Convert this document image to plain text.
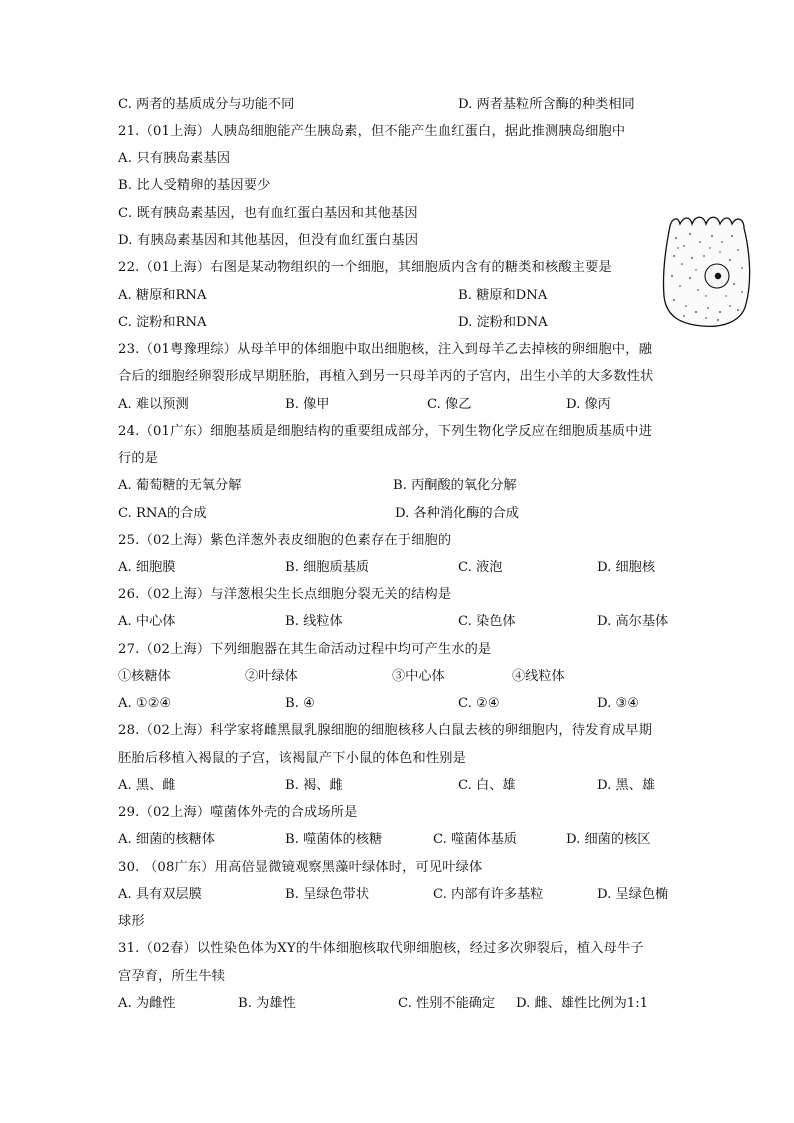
C. 两者的基质成分与功能不同	D. 两者基粒所含酶的种类相同
21.（01上海）人胰岛细胞能产生胰岛素，但不能产生血红蛋白，据此推测胰岛细胞中
A. 只有胰岛素基因
B. 比人受精卵的基因要少
C. 既有胰岛素基因，也有血红蛋白基因和其他基因
D. 有胰岛素基因和其他基因，但没有血红蛋白基因
22.（01上海）右图是某动物组织的一个细胞，其细胞质内含有的糖类和核酸主要是
A. 糖原和RNA	B. 糖原和DNA
C. 淀粉和RNA	D. 淀粉和DNA
23.（01粤豫理综）从母羊甲的体细胞中取出细胞核，注入到母羊乙去掉核的卵细胞中，融
合后的细胞经卵裂形成早期胚胎，再植入到另一只母羊丙的子宫内，出生小羊的大多数性状
A. 难以预测	B. 像甲	C. 像乙	D. 像丙
24.（01广东）细胞基质是细胞结构的重要组成部分，下列生物化学反应在细胞质基质中进
行的是
A. 葡萄糖的无氧分解	B. 丙酮酸的氧化分解
C. RNA的合成	D. 各种消化酶的合成
25.（02上海）紫色洋葱外表皮细胞的色素存在于细胞的
A. 细胞膜	B. 细胞质基质	C. 液泡	D. 细胞核
26.（02上海）与洋葱根尖生长点细胞分裂无关的结构是
A. 中心体	B. 线粒体	C. 染色体	D. 高尔基体
27.（02上海）下列细胞器在其生命活动过程中均可产生水的是
①核糖体	②叶绿体	③中心体	④线粒体
A. ①②④	B. ④	C. ②④	D. ③④
28.（02上海）科学家将雌黑鼠乳腺细胞的细胞核移人白鼠去核的卵细胞内，待发育成早期
胚胎后移植入褐鼠的子宫，该褐鼠产下小鼠的体色和性别是
A. 黑、雌	B. 褐、雌	C. 白、雄	D. 黑、雄
29.（02上海）噬菌体外壳的合成场所是
A. 细菌的核糖体	B. 噬菌体的核糖	C. 噬菌体基质	D. 细菌的核区
30. （08广东）用高倍显微镜观察黑藻叶绿体时，可见叶绿体
A. 具有双层膜	B. 呈绿色带状	C. 内部有许多基粒	D. 呈绿色椭
球形
31.（02春）以性染色体为XY的牛体细胞核取代卵细胞核，经过多次卵裂后，植入母牛子
宫孕育，所生牛犊
A. 为雌性	B. 为雄性	C. 性别不能确定 D. 雌、雄性比例为1:1
